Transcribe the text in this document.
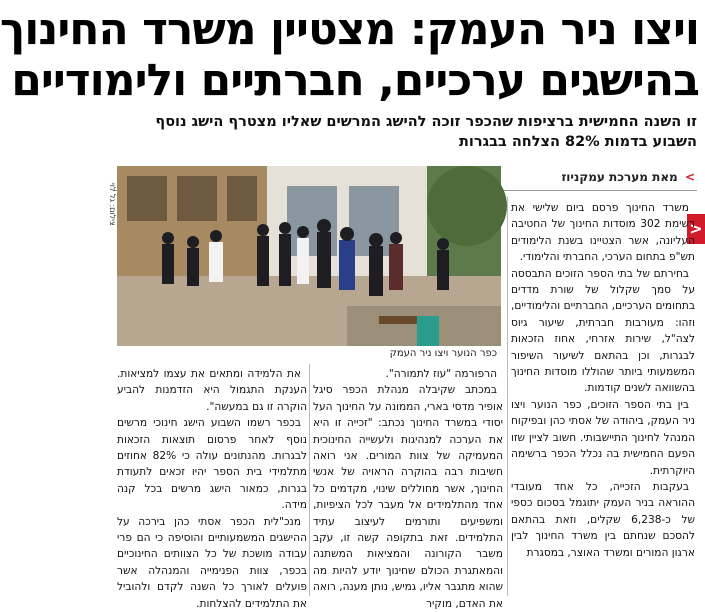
ויצו ניר העמק: מצטיין משרד החינוך
בהישגים ערכיים, חברתיים ולימודיים
זו השנה החמישית ברציפות שהכפר זוכה להישג המרשים שאליו מצטרף הישג נוסף השבוע בדמות 82% הצלחה בבגרות
> מאת מערכת עמקניוז
צילום: גל לוי
כפר הנוער ויצו ניר העמק
<

משרד החינוך פרסם ביום שלישי את רשימת 302 מוסדות החינוך של החטיבה העליונה, אשר הצטיינו בשנת הלימודים תש"פ בתחום הערכי, החברתי והלימודי.

בחירתם של בתי הספר הזוכים התבססה על סמך שקלול של שורת מדדים בתחומים הערכיים, החברתיים והלימודיים, וזהו: מעורבות חברתית, שיעור גיוס לצה"ל, שירות אזרחי, אחוז הזכאות לבגרות, וכן בהתאם לשיעור השיפור המשמעותי ביותר שהוללו מוסדות החינוך בהשוואה לשנים קודמות.

בין בתי הספר הזוכים, כפר הנוער ויצו ניר העמק, ביהודה של אסתי כהן ובפיקוח המנהל לחינוך התיישבותי. חשוב לציין שזו הפעם החמישית בה נכלל הכפר ברשימה היוקרתית.

בעקבות הזכייה, כל אחד מעובדי ההוראה בניר העמק יתוגמל בסכום כספי של כ-6,238 שקלים, וזאת בהתאם להסכם שנחתם בין משרד החינוך לבין ארגון המורים ומשרד האוצר, במסגרת

הרפורמה "עוז לתמורה".

במכתב שקיבלה מנהלת הכפר סיגל אופיר מדסי בארי, הממונה על החינוך העל יסודי במשרד החינוך נכתב: "זכייה זו היא את הערכה למנהיגות ולעשייה החינוכית המעמיקה של צוות המורים. אני רואה חשיבות רבה בהוקרה הראויה של אנשי החינוך, אשר מחוללים שינוי, מקדמים כל אחד מהתלמידים אל מעבר לכל הציפיות, ומשפיעים ותורמים לעיצוב עתיד התלמידים. זאת בתקופה קשה זו, עקב משבר הקורונה והמציאות המשתנה והמאתגרת הכולם שחינוך יודע להיות מה שהוא מתגבר אליו, גמיש, נותן מענה, רואה את האדם, מוקיר

את הלמידה ומתאים את עצמו למציאות. הענקת התגמול היא הזדמנות להביע הוקרה זו גם במעשה".

בכפר רשמו השבוע הישג חינוכי מרשים נוסף לאחר פרסום תוצאות הזכאות לבגרות. מהנתונים עולה כי 82% אחוזים מתלמידי בית הספר יהיו זכאים לתעודת בגרות, כמאור הישג מרשים בכל קנה מידה.

מנכ"לית הכפר אסתי כהן בירכה על ההישגים המשמעותיים והוסיפה כי הם פרי עבודה מושכת של כל הצוותים החינוכיים בכפר, צוות הפנימייה והמנהלה אשר פועלים לאורך כל השנה לקדם ולהוביל את התלמידים להצלחות.
